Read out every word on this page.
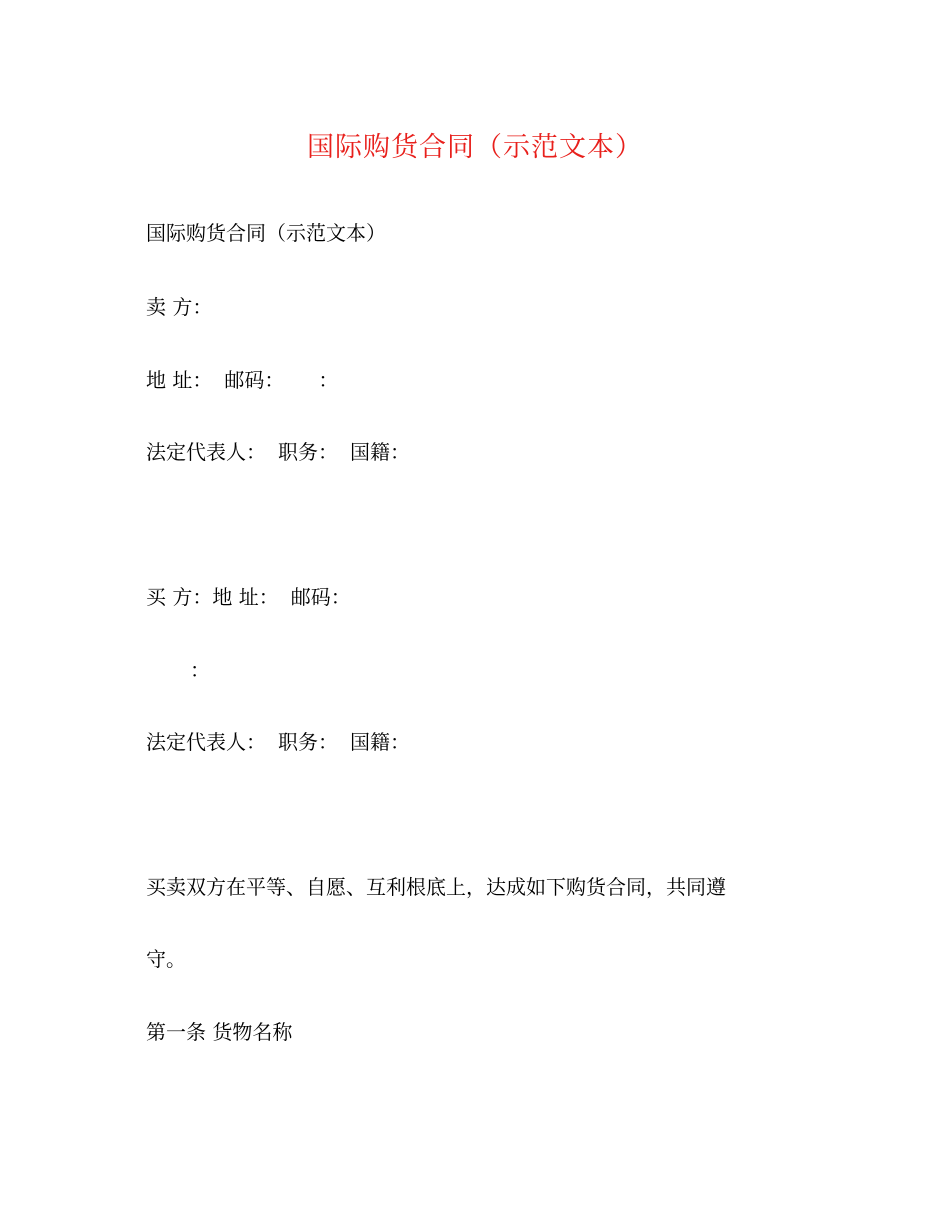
国际购货合同（示范文本）
国际购货合同（示范文本）
卖 方：
地 址： 邮码： ：
法定代表人： 职务： 国籍：
买 方：地 址： 邮码：
：
法定代表人： 职务： 国籍：
买卖双方在平等、自愿、互利根底上，达成如下购货合同，共同遵
守。
第一条 货物名称
